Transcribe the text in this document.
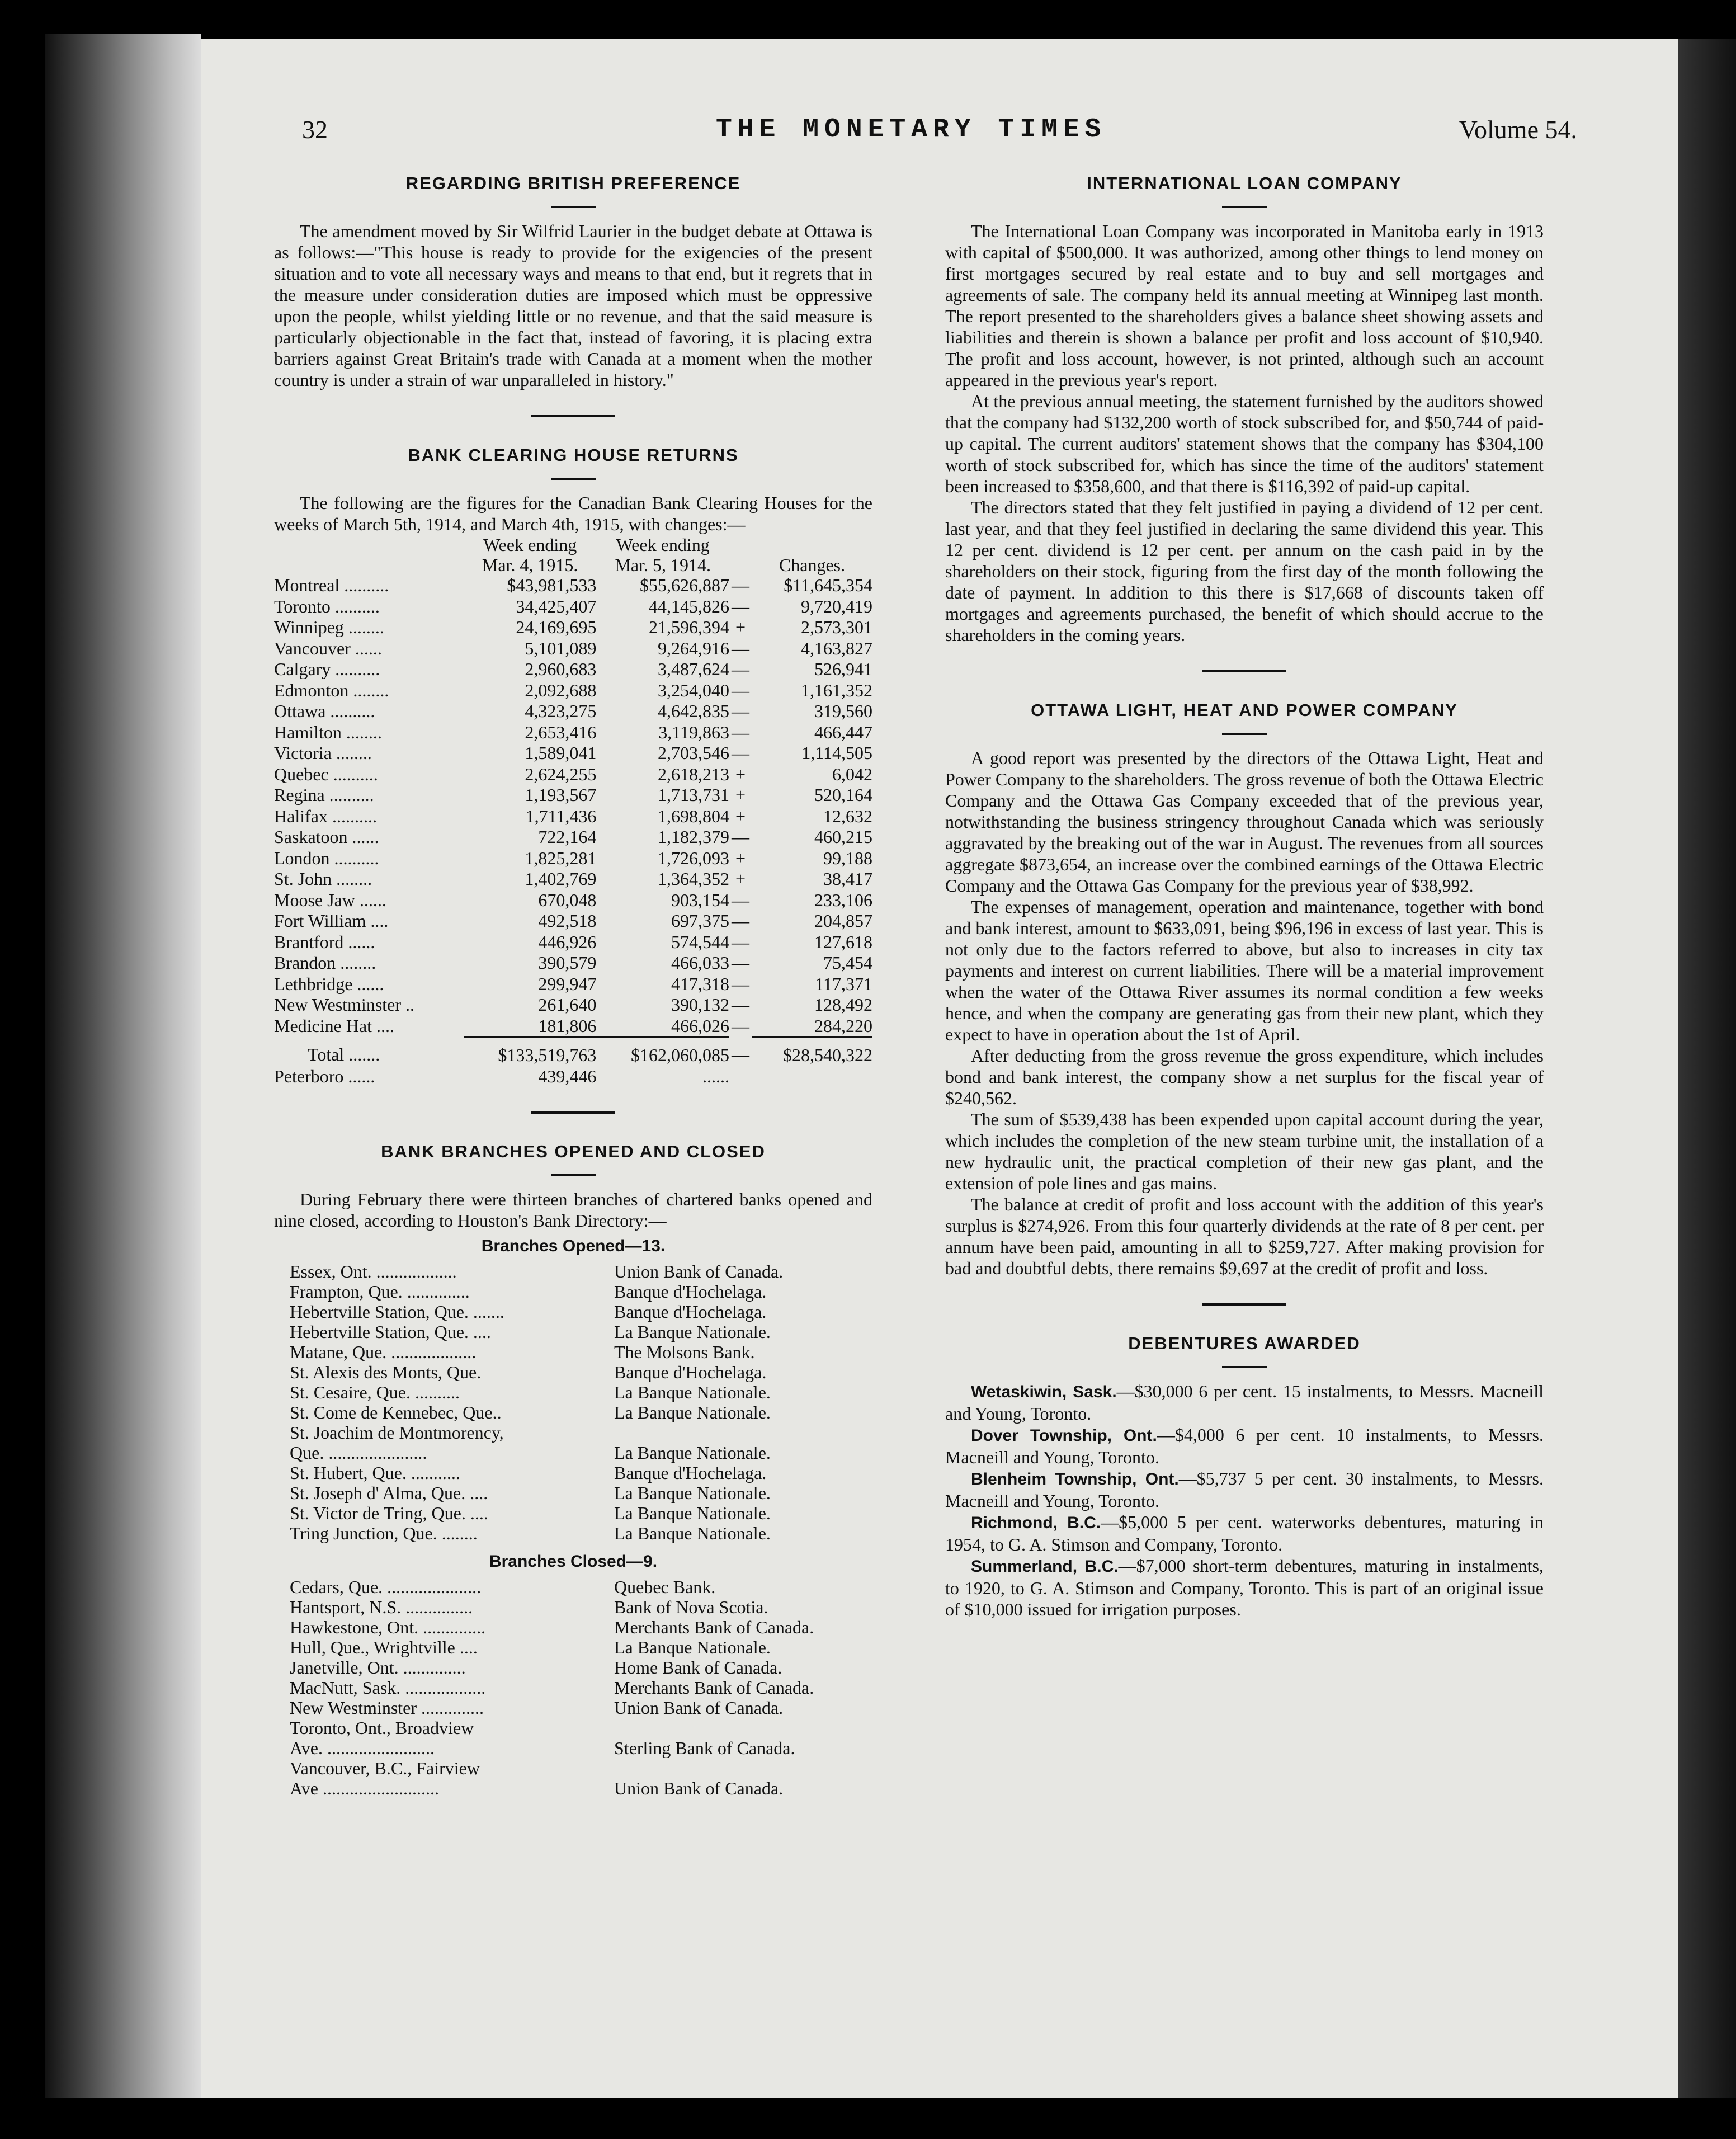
32	THE MONETARY TIMES	Volume 54.
REGARDING BRITISH PREFERENCE

The amendment moved by Sir Wilfrid Laurier in the budget debate at Ottawa is as follows:—"This house is ready to provide for the exigencies of the present situation and to vote all necessary ways and means to that end, but it regrets that in the measure under consideration duties are imposed which must be oppressive upon the people, whilst yielding little or no revenue, and that the said measure is particularly objectionable in the fact that, instead of favoring, it is placing extra barriers against Great Britain's trade with Canada at a moment when the mother country is under a strain of war unparalleled in history."

BANK CLEARING HOUSE RETURNS

The following are the figures for the Canadian Bank Clearing Houses for the weeks of March 5th, 1914, and March 4th, 1915, with changes:—

	Week ending	Week ending		
	Mar. 4, 1915.	Mar. 5, 1914.		Changes.
Montreal ..........	$43,981,533	$55,626,887	—	$11,645,354
Toronto ..........	34,425,407	44,145,826	—	9,720,419
Winnipeg ........	24,169,695	21,596,394	+	2,573,301
Vancouver ......	5,101,089	9,264,916	—	4,163,827
Calgary ..........	2,960,683	3,487,624	—	526,941
Edmonton ........	2,092,688	3,254,040	—	1,161,352
Ottawa ..........	4,323,275	4,642,835	—	319,560
Hamilton ........	2,653,416	3,119,863	—	466,447
Victoria ........	1,589,041	2,703,546	—	1,114,505
Quebec ..........	2,624,255	2,618,213	+	6,042
Regina ..........	1,193,567	1,713,731	+	520,164
Halifax ..........	1,711,436	1,698,804	+	12,632
Saskatoon ......	722,164	1,182,379	—	460,215
London ..........	1,825,281	1,726,093	+	99,188
St. John ........	1,402,769	1,364,352	+	38,417
Moose Jaw ......	670,048	903,154	—	233,106
Fort William ....	492,518	697,375	—	204,857
Brantford ......	446,926	574,544	—	127,618
Brandon ........	390,579	466,033	—	75,454
Lethbridge ......	299,947	417,318	—	117,371
New Westminster ..	261,640	390,132	—	128,492
Medicine Hat ....	181,806	466,026	—	284,220
Total .......	$133,519,763	$162,060,085	—	$28,540,322
Peterboro ......	439,446	......		
BANK BRANCHES OPENED AND CLOSED

During February there were thirteen branches of chartered banks opened and nine closed, according to Houston's Bank Directory:—

Branches Opened—13.
Essex, Ont. ..................	Union Bank of Canada.
Frampton, Que. ..............	Banque d'Hochelaga.
Hebertville Station, Que. .......	Banque d'Hochelaga.
Hebertville Station, Que. ....	La Banque Nationale.
Matane, Que. ...................	The Molsons Bank.
St. Alexis des Monts, Que.	Banque d'Hochelaga.
St. Cesaire, Que. ..........	La Banque Nationale.
St. Come de Kennebec, Que..	La Banque Nationale.
St. Joachim de Montmorency,	
Que. ......................	La Banque Nationale.
St. Hubert, Que. ...........	Banque d'Hochelaga.
St. Joseph d' Alma, Que. ....	La Banque Nationale.
St. Victor de Tring, Que. ....	La Banque Nationale.
Tring Junction, Que. ........	La Banque Nationale.
Branches Closed—9.
Cedars, Que. .....................	Quebec Bank.
Hantsport, N.S. ...............	Bank of Nova Scotia.
Hawkestone, Ont. ..............	Merchants Bank of Canada.
Hull, Que., Wrightville ....	La Banque Nationale.
Janetville, Ont. ..............	Home Bank of Canada.
MacNutt, Sask. ..................	Merchants Bank of Canada.
New Westminster ..............	Union Bank of Canada.
Toronto, Ont., Broadview	
Ave. ........................	Sterling Bank of Canada.
Vancouver, B.C., Fairview	
Ave ..........................	Union Bank of Canada.
INTERNATIONAL LOAN COMPANY

The International Loan Company was incorporated in Manitoba early in 1913 with capital of $500,000. It was authorized, among other things to lend money on first mortgages secured by real estate and to buy and sell mortgages and agreements of sale. The company held its annual meeting at Winnipeg last month. The report presented to the shareholders gives a balance sheet showing assets and liabilities and therein is shown a balance per profit and loss account of $10,940. The profit and loss account, however, is not printed, although such an account appeared in the previous year's report.

At the previous annual meeting, the statement furnished by the auditors showed that the company had $132,200 worth of stock subscribed for, and $50,744 of paid-up capital. The current auditors' statement shows that the company has $304,100 worth of stock subscribed for, which has since the time of the auditors' statement been increased to $358,600, and that there is $116,392 of paid-up capital.

The directors stated that they felt justified in paying a dividend of 12 per cent. last year, and that they feel justified in declaring the same dividend this year. This 12 per cent. dividend is 12 per cent. per annum on the cash paid in by the shareholders on their stock, figuring from the first day of the month following the date of payment. In addition to this there is $17,668 of discounts taken off mortgages and agreements purchased, the benefit of which should accrue to the shareholders in the coming years.

OTTAWA LIGHT, HEAT AND POWER COMPANY

A good report was presented by the directors of the Ottawa Light, Heat and Power Company to the shareholders. The gross revenue of both the Ottawa Electric Company and the Ottawa Gas Company exceeded that of the previous year, notwithstanding the business stringency throughout Canada which was seriously aggravated by the breaking out of the war in August. The revenues from all sources aggregate $873,654, an increase over the combined earnings of the Ottawa Electric Company and the Ottawa Gas Company for the previous year of $38,992.

The expenses of management, operation and maintenance, together with bond and bank interest, amount to $633,091, being $96,196 in excess of last year. This is not only due to the factors referred to above, but also to increases in city tax payments and interest on current liabilities. There will be a material improvement when the water of the Ottawa River assumes its normal condition a few weeks hence, and when the company are generating gas from their new plant, which they expect to have in operation about the 1st of April.

After deducting from the gross revenue the gross expenditure, which includes bond and bank interest, the company show a net surplus for the fiscal year of $240,562.

The sum of $539,438 has been expended upon capital account during the year, which includes the completion of the new steam turbine unit, the installation of a new hydraulic unit, the practical completion of their new gas plant, and the extension of pole lines and gas mains.

The balance at credit of profit and loss account with the addition of this year's surplus is $274,926. From this four quarterly dividends at the rate of 8 per cent. per annum have been paid, amounting in all to $259,727. After making provision for bad and doubtful debts, there remains $9,697 at the credit of profit and loss.

DEBENTURES AWARDED

Wetaskiwin, Sask.—$30,000 6 per cent. 15 instalments, to Messrs. Macneill and Young, Toronto.

Dover Township, Ont.—$4,000 6 per cent. 10 instalments, to Messrs. Macneill and Young, Toronto.

Blenheim Township, Ont.—$5,737 5 per cent. 30 instalments, to Messrs. Macneill and Young, Toronto.

Richmond, B.C.—$5,000 5 per cent. waterworks debentures, maturing in 1954, to G. A. Stimson and Company, Toronto.

Summerland, B.C.—$7,000 short-term debentures, maturing in instalments, to 1920, to G. A. Stimson and Company, Toronto. This is part of an original issue of $10,000 issued for irrigation purposes.
